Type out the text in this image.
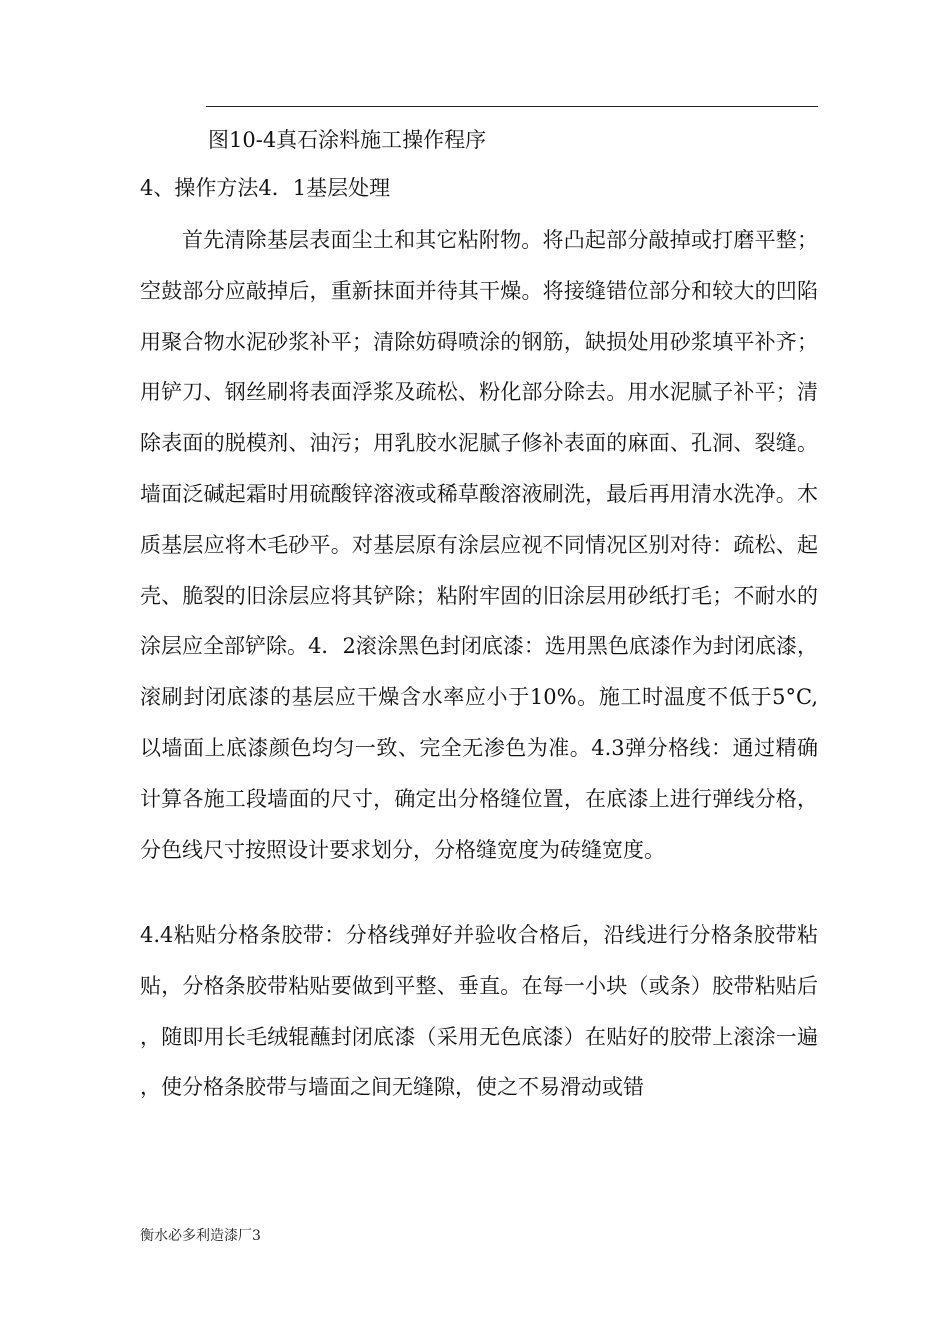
图10-4真石涂料施工操作程序
4、操作方法4．1基层处理

首先清除基层表面尘土和其它粘附物。将凸起部分敲掉或打磨平整；空鼓部分应敲掉后，重新抹面并待其干燥。将接缝错位部分和较大的凹陷用聚合物水泥砂浆补平；清除妨碍喷涂的钢筋，缺损处用砂浆填平补齐；用铲刀、钢丝刷将表面浮浆及疏松、粉化部分除去。用水泥腻子补平；清除表面的脱模剂、油污；用乳胶水泥腻子修补表面的麻面、孔洞、裂缝。墙面泛碱起霜时用硫酸锌溶液或稀草酸溶液刷洗，最后再用清水洗净。木质基层应将木毛砂平。对基层原有涂层应视不同情况区别对待：疏松、起壳、脆裂的旧涂层应将其铲除；粘附牢固的旧涂层用砂纸打毛；不耐水的涂层应全部铲除。4．2滚涂黑色封闭底漆：选用黑色底漆作为封闭底漆，滚刷封闭底漆的基层应干燥含水率应小于10%。施工时温度不低于5°C,以墙面上底漆颜色均匀一致、完全无渗色为准。4.3弹分格线：通过精确计算各施工段墙面的尺寸，确定出分格缝位置，在底漆上进行弹线分格，分色线尺寸按照设计要求划分，分格缝宽度为砖缝宽度。

4.4粘贴分格条胶带：分格线弹好并验收合格后，沿线进行分格条胶带粘贴，分格条胶带粘贴要做到平整、垂直。在每一小块（或条）胶带粘贴后，随即用长毛绒辊蘸封闭底漆（采用无色底漆）在贴好的胶带上滚涂一遍，使分格条胶带与墙面之间无缝隙，使之不易滑动或错

衡水必多利造漆厂3
